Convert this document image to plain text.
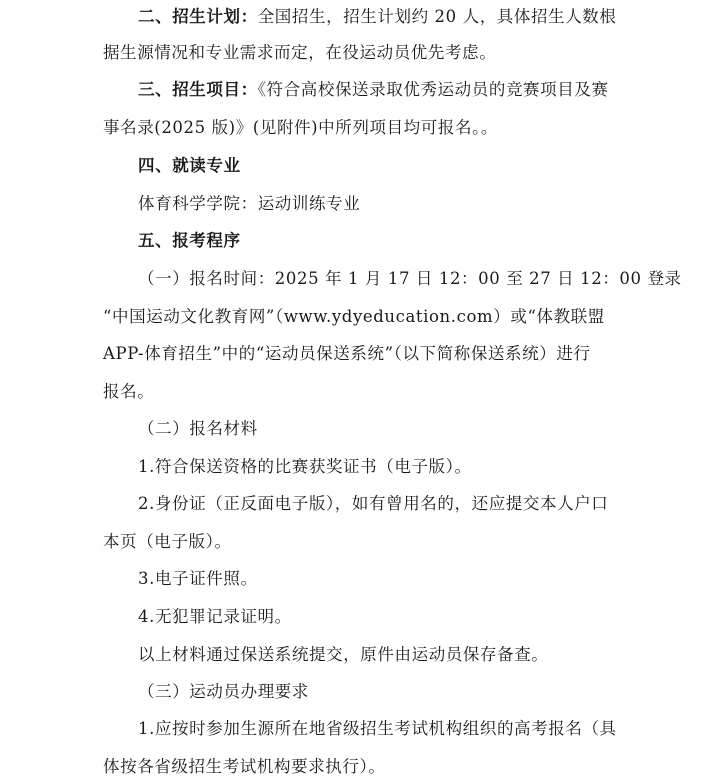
二、招生计划：全国招生，招生计划约 20 人，具体招生人数根
据生源情况和专业需求而定，在役运动员优先考虑。
三、招生项目：《符合高校保送录取优秀运动员的竞赛项目及赛
事名录(2025 版)》(见附件)中所列项目均可报名。。
四、就读专业
体育科学学院：运动训练专业
五、报考程序
（一）报名时间：2025 年 1 月 17 日 12：00 至 27 日 12：00 登录
“中国运动文化教育网”（www.ydyeducation.com）或“体教联盟
APP-体育招生”中的“运动员保送系统”（以下简称保送系统）进行
报名。
（二）报名材料
1.符合保送资格的比赛获奖证书（电子版）。
2.身份证（正反面电子版），如有曾用名的，还应提交本人户口
本页（电子版）。
3.电子证件照。
4.无犯罪记录证明。
以上材料通过保送系统提交，原件由运动员保存备查。
（三）运动员办理要求
1.应按时参加生源所在地省级招生考试机构组织的高考报名（具
体按各省级招生考试机构要求执行）。
